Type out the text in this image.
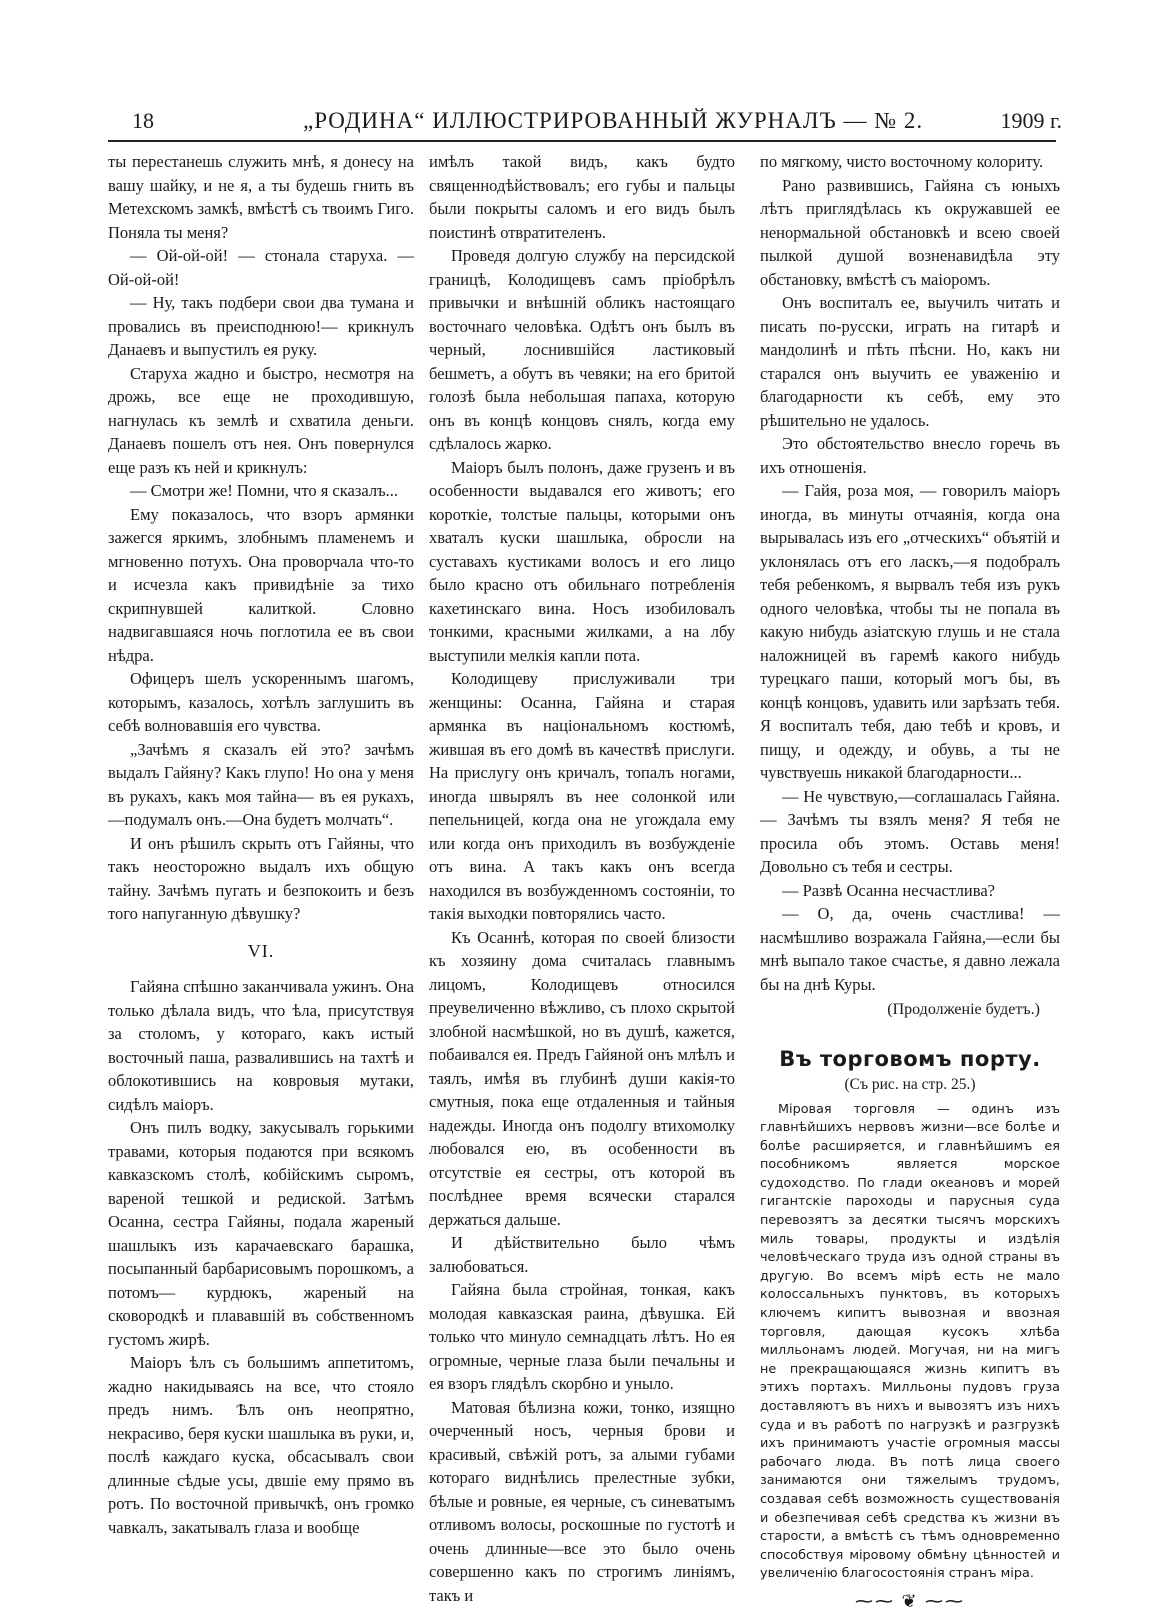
18	„РОДИНА“ ИЛЛЮСТРИРОВАННЫЙ ЖУРНАЛЪ — № 2.	1909 г.

ты перестанешь служить мнѣ, я донесу на вашу шайку, и не я, а ты будешь гнить въ Метехскомъ замкѣ, вмѣстѣ съ твоимъ Гиго. Поняла ты меня?

— Ой-ой-ой! — стонала старуха. — Ой-ой-ой!

— Ну, такъ подбери свои два тумана и провались въ преисподнюю!— крикнулъ Данаевъ и выпустилъ ея руку.

Старуха жадно и быстро, несмотря на дрожь, все еще не проходившую, нагнулась къ землѣ и схватила деньги. Данаевъ пошелъ отъ нея. Онъ повернулся еще разъ къ ней и крикнулъ:

— Смотри же! Помни, что я сказалъ...

Ему показалось, что взоръ армянки зажегся яркимъ, злобнымъ пламенемъ и мгновенно потухъ. Она проворчала что-то и исчезла какъ привидѣніе за тихо скрипнувшей калиткой. Словно надвигавшаяся ночь поглотила ее въ свои нѣдра.

Офицеръ шелъ ускореннымъ шагомъ, которымъ, казалось, хотѣлъ заглушить въ себѣ волновавшія его чувства.

„Зачѣмъ я сказалъ ей это? зачѣмъ выдалъ Гайяну? Какъ глупо! Но она у меня въ рукахъ, какъ моя тайна— въ ея рукахъ,—подумалъ онъ.—Она будетъ молчать“.

И онъ рѣшилъ скрыть отъ Гайяны, что такъ неосторожно выдалъ ихъ общую тайну. Зачѣмъ пугать и безпокоить и безъ того напуганную дѣвушку?

VI.

Гайяна спѣшно заканчивала ужинъ. Она только дѣлала видъ, что ѣла, присутствуя за столомъ, у котораго, какъ истый восточный паша, развалившись на тахтѣ и облокотившись на ковровыя мутаки, сидѣлъ маіоръ.

Онъ пилъ водку, закусывалъ горькими травами, которыя подаются при всякомъ кавказскомъ столѣ, кобійскимъ сыромъ, вареной тешкой и редиской. Затѣмъ Осанна, сестра Гайяны, подала жареный шашлыкъ изъ карачаевскаго барашка, посыпанный барбарисовымъ порошкомъ, а потомъ— курдюкъ, жареный на сковородкѣ и плававшій въ собственномъ густомъ жирѣ.

Маіоръ ѣлъ съ большимъ аппетитомъ, жадно накидываясь на все, что стояло предъ нимъ. Ѣлъ онъ неопрятно, некрасиво, беря куски шашлыка въ руки, и, послѣ каждаго куска, обсасывалъ свои длинные сѣдые усы, двшіе ему прямо въ ротъ. По восточной привычкѣ, онъ громко чавкалъ, закатывалъ глаза и вообще

имѣлъ такой видъ, какъ будто священнодѣйствовалъ; его губы и пальцы были покрыты саломъ и его видъ былъ поистинѣ отвратителенъ.

Проведя долгую службу на персидской границѣ, Колодищевъ самъ пріобрѣлъ привычки и внѣшній обликъ настоящаго восточнаго человѣка. Одѣтъ онъ былъ въ черный, лоснившійся ластиковый бешметъ, а обутъ въ чевяки; на его бритой голозѣ была небольшая папаха, которую онъ въ концѣ концовъ снялъ, когда ему сдѣлалось жарко.

Маіоръ былъ полонъ, даже грузенъ и въ особенности выдавался его животъ; его короткіе, толстые пальцы, которыми онъ хваталъ куски шашлыка, обросли на суставахъ кустиками волосъ и его лицо было красно отъ обильнаго потребленія кахетинскаго вина. Носъ изобиловалъ тонкими, красными жилками, а на лбу выступили мелкія капли пота.

Колодищеву прислуживали три женщины: Осанна, Гайяна и старая армянка въ національномъ костюмѣ, жившая въ его домѣ въ качествѣ прислуги. На прислугу онъ кричалъ, топалъ ногами, иногда швырялъ въ нее солонкой или пепельницей, когда она не угождала ему или когда онъ приходилъ въ возбужденіе отъ вина. А такъ какъ онъ всегда находился въ возбужденномъ состояніи, то такія выходки повторялись часто.

Къ Осаннѣ, которая по своей близости къ хозяину дома считалась главнымъ лицомъ, Колодищевъ относился преувеличенно вѣжливо, съ плохо скрытой злобной насмѣшкой, но въ душѣ, кажется, побаивался ея. Предъ Гайяной онъ млѣлъ и таялъ, имѣя въ глубинѣ души какія-то смутныя, пока еще отдаленныя и тайныя надежды. Иногда онъ подолгу втихомолку любовался ею, въ особенности въ отсутствіе ея сестры, отъ которой въ послѣднее время всячески старался держаться дальше.

И дѣйствительно было чѣмъ залюбоваться.

Гайяна была стройная, тонкая, какъ молодая кавказская раина, дѣвушка. Ей только что минуло семнадцать лѣтъ. Но ея огромные, черные глаза были печальны и ея взоръ глядѣлъ скорбно и уныло.

Матовая бѣлизна кожи, тонко, изящно очерченный носъ, черныя брови и красивый, свѣжій ротъ, за алыми губами котораго виднѣлись прелестные зубки, бѣлые и ровные, ея черные, съ синеватымъ отливомъ волосы, роскошные по густотѣ и очень длинные—все это было очень совершенно какъ по строгимъ линіямъ, такъ и

по мягкому, чисто восточному колориту.

Рано развившись, Гайяна съ юныхъ лѣтъ приглядѣлась къ окружавшей ее ненормальной обстановкѣ и всею своей пылкой душой возненавидѣла эту обстановку, вмѣстѣ съ маіоромъ.

Онъ воспиталъ ее, выучилъ читать и писать по-русски, играть на гитарѣ и мандолинѣ и пѣть пѣсни. Но, какъ ни старался онъ выучить ее уваженію и благодарности къ себѣ, ему это рѣшительно не удалось.

Это обстоятельство внесло горечь въ ихъ отношенія.

— Гайя, роза моя, — говорилъ маіоръ иногда, въ минуты отчаянія, когда она вырывалась изъ его „отческихъ“ объятій и уклонялась отъ его ласкъ,—я подобралъ тебя ребенкомъ, я вырвалъ тебя изъ рукъ одного человѣка, чтобы ты не попала въ какую нибудь азіатскую глушь и не стала наложницей въ гаремѣ какого нибудь турецкаго паши, который могъ бы, въ концѣ концовъ, удавить или зарѣзать тебя. Я воспиталъ тебя, даю тебѣ и кровъ, и пищу, и одежду, и обувь, а ты не чувствуешь никакой благодарности...

— Не чувствую,—соглашалась Гайяна. — Зачѣмъ ты взялъ меня? Я тебя не просила объ этомъ. Оставь меня! Довольно съ тебя и сестры.

— Развѣ Осанна несчастлива?

— О, да, очень счастлива! — насмѣшливо возражала Гайяна,—если бы мнѣ выпало такое счастье, я давно лежала бы на днѣ Куры.

(Продолженіе будетъ.)
Въ торговомъ порту.
(Съ рис. на стр. 25.)

Міровая торговля — одинъ изъ главнѣйшихъ нервовъ жизни—все болѣе и болѣе расширяется, и главнѣйшимъ ея пособникомъ является морское судоходство. По глади океановъ и морей гигантскіе пароходы и парусныя суда перевозятъ за десятки тысячъ морскихъ миль товары, продукты и издѣлія человѣческаго труда изъ одной страны въ другую. Во всемъ мірѣ есть не мало колоссальныхъ пунктовъ, въ которыхъ ключемъ кипитъ вывозная и ввозная торговля, дающая кусокъ хлѣба милльонамъ людей. Могучая, ни на мигъ не прекращающаяся жизнь кипитъ въ этихъ портахъ. Милльоны пудовъ груза доставляютъ въ нихъ и вывозятъ изъ нихъ суда и въ работѣ по нагрузкѣ и разгрузкѣ ихъ принимаютъ участіе огромныя массы рабочаго люда. Въ потѣ лица своего занимаются они тяжелымъ трудомъ, создавая себѣ возможность существованія и обезпечивая себѣ средства къ жизни въ старости, а вмѣстѣ съ тѣмъ одновременно способствуя міровому обмѣну цѣнностей и увеличенію благосостоянія странъ міра.

⁓⁓ ❦ ⁓⁓
